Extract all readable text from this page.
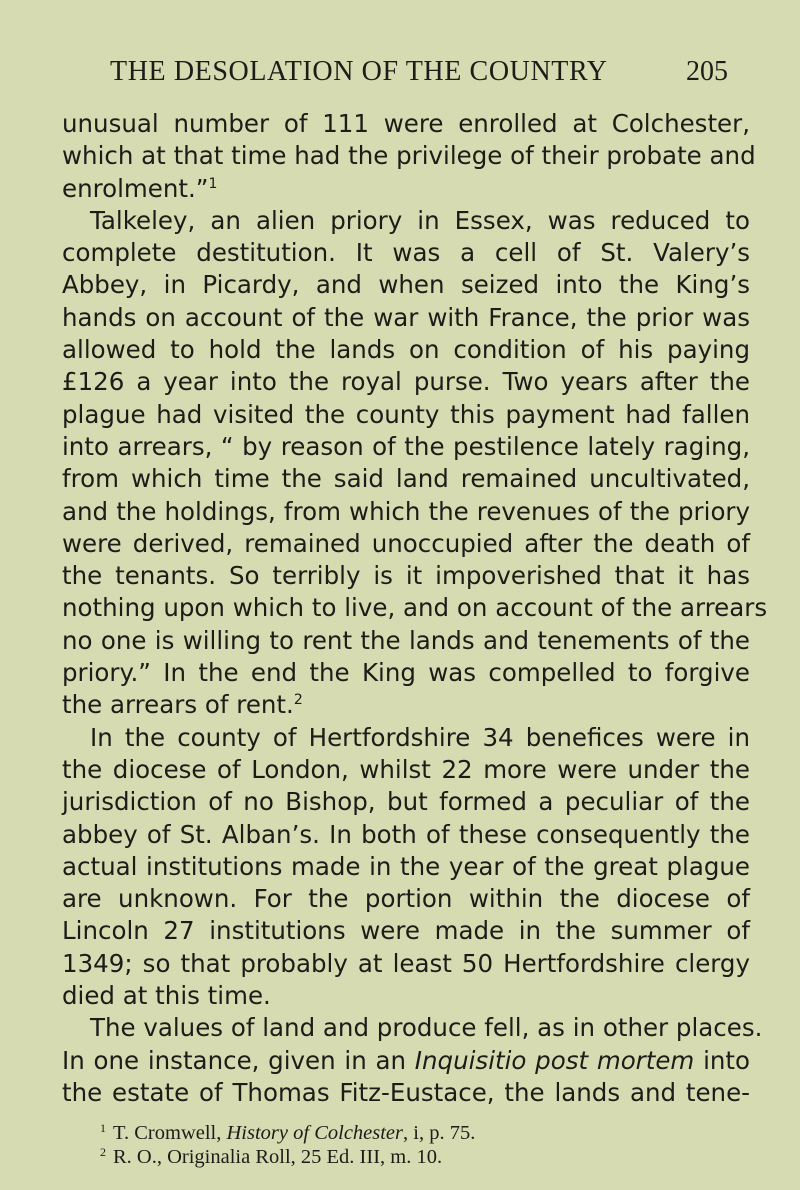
THE DESOLATION OF THE COUNTRY	205
unusual number of 111 were enrolled at Colchester,
which at that time had the privilege of their probate and
enrolment.”$^1$
Talkeley, an alien priory in Essex, was reduced to
complete destitution. It was a cell of St. Valery’s
Abbey, in Picardy, and when seized into the King’s
hands on account of the war with France, the prior was
allowed to hold the lands on condition of his paying
£126 a year into the royal purse. Two years after the
plague had visited the county this payment had fallen
into arrears, “ by reason of the pestilence lately raging,
from which time the said land remained uncultivated,
and the holdings, from which the revenues of the priory
were derived, remained unoccupied after the death of
the tenants. So terribly is it impoverished that it has
nothing upon which to live, and on account of the arrears
no one is willing to rent the lands and tenements of the
priory.” In the end the King was compelled to forgive
the arrears of rent.$^2$
In the county of Hertfordshire 34 benefices were in
the diocese of London, whilst 22 more were under the
jurisdiction of no Bishop, but formed a peculiar of the
abbey of St. Alban’s. In both of these consequently the
actual institutions made in the year of the great plague
are unknown. For the portion within the diocese of
Lincoln 27 institutions were made in the summer of
1349; so that probably at least 50 Hertfordshire clergy
died at this time.
The values of land and produce fell, as in other places.
In one instance, given in an Inquisitio post mortem into
the estate of Thomas Fitz-Eustace, the lands and tene-
$^1$ T. Cromwell, History of Colchester, i, p. 75.
$^2$ R. O., Originalia Roll, 25 Ed. III, m. 10.
